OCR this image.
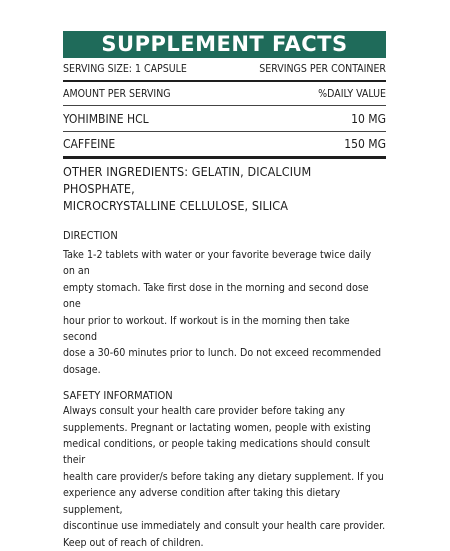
SUPPLEMENT FACTS
SERVING SIZE: 1 CAPSULE	SERVINGS PER CONTAINER
AMOUNT PER SERVING	%DAILY VALUE
YOHIMBINE HCL	10 MG
CAFFEINE	150 MG
OTHER INGREDIENTS: GELATIN, DICALCIUM PHOSPHATE,
MICROCRYSTALLINE CELLULOSE, SILICA
DIRECTION
Take 1-2 tablets with water or your favorite beverage twice daily on an
empty stomach. Take first dose in the morning and second dose one
hour prior to workout. If workout is in the morning then take second
dose a 30-60 minutes prior to lunch. Do not exceed recommended
dosage.
SAFETY INFORMATION
Always consult your health care provider before taking any
supplements. Pregnant or lactating women, people with existing
medical conditions, or people taking medications should consult their
health care provider/s before taking any dietary supplement. If you
experience any adverse condition after taking this dietary supplement,
discontinue use immediately and consult your health care provider.
Keep out of reach of children.
